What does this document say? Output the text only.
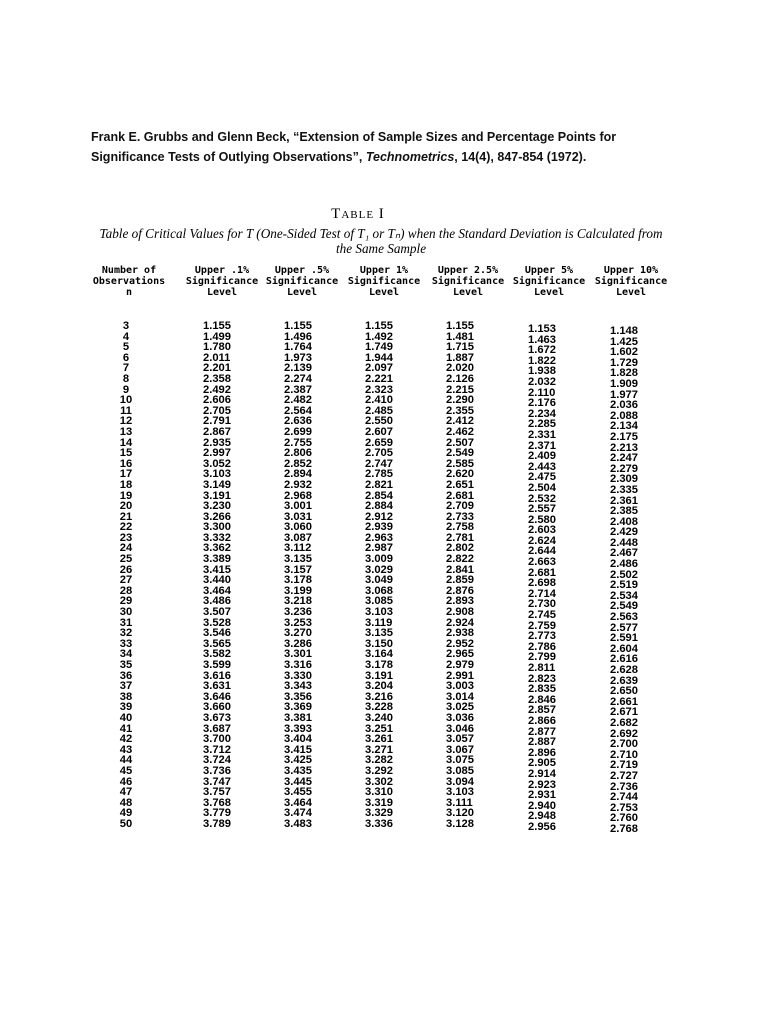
Frank E. Grubbs and Glenn Beck, “Extension of Sample Sizes and Percentage Points for Significance Tests of Outlying Observations”, Technometrics, 14(4), 847-854 (1972).
Table I
Table of Critical Values for T (One-Sided Test of T₁ or Tₙ) when the Standard Deviation is Calculated from the Same Sample
Number of
Observations
n
Upper .1%
Significance
Level
Upper .5%
Significance
Level
Upper 1%
Significance
Level
Upper 2.5%
Significance
Level
Upper 5%
Significance
Level
Upper 10%
Significance
Level
3
4
5
6
7
8
9
10
11
12
13
14
15
16
17
18
19
20
21
22
23
24
25
26
27
28
29
30
31
32
33
34
35
36
37
38
39
40
41
42
43
44
45
46
47
48
49
50
1.155
1.499
1.780
2.011
2.201
2.358
2.492
2.606
2.705
2.791
2.867
2.935
2.997
3.052
3.103
3.149
3.191
3.230
3.266
3.300
3.332
3.362
3.389
3.415
3.440
3.464
3.486
3.507
3.528
3.546
3.565
3.582
3.599
3.616
3.631
3.646
3.660
3.673
3.687
3.700
3.712
3.724
3.736
3.747
3.757
3.768
3.779
3.789
1.155
1.496
1.764
1.973
2.139
2.274
2.387
2.482
2.564
2.636
2.699
2.755
2.806
2.852
2.894
2.932
2.968
3.001
3.031
3.060
3.087
3.112
3.135
3.157
3.178
3.199
3.218
3.236
3.253
3.270
3.286
3.301
3.316
3.330
3.343
3.356
3.369
3.381
3.393
3.404
3.415
3.425
3.435
3.445
3.455
3.464
3.474
3.483
1.155
1.492
1.749
1.944
2.097
2.221
2.323
2.410
2.485
2.550
2.607
2.659
2.705
2.747
2.785
2.821
2.854
2.884
2.912
2.939
2.963
2.987
3.009
3.029
3.049
3.068
3.085
3.103
3.119
3.135
3.150
3.164
3.178
3.191
3.204
3.216
3.228
3.240
3.251
3.261
3.271
3.282
3.292
3.302
3.310
3.319
3.329
3.336
1.155
1.481
1.715
1.887
2.020
2.126
2.215
2.290
2.355
2.412
2.462
2.507
2.549
2.585
2.620
2.651
2.681
2.709
2.733
2.758
2.781
2.802
2.822
2.841
2.859
2.876
2.893
2.908
2.924
2.938
2.952
2.965
2.979
2.991
3.003
3.014
3.025
3.036
3.046
3.057
3.067
3.075
3.085
3.094
3.103
3.111
3.120
3.128
1.153
1.463
1.672
1.822
1.938
2.032
2.110
2.176
2.234
2.285
2.331
2.371
2.409
2.443
2.475
2.504
2.532
2.557
2.580
2.603
2.624
2.644
2.663
2.681
2.698
2.714
2.730
2.745
2.759
2.773
2.786
2.799
2.811
2.823
2.835
2.846
2.857
2.866
2.877
2.887
2.896
2.905
2.914
2.923
2.931
2.940
2.948
2.956
1.148
1.425
1.602
1.729
1.828
1.909
1.977
2.036
2.088
2.134
2.175
2.213
2.247
2.279
2.309
2.335
2.361
2.385
2.408
2.429
2.448
2.467
2.486
2.502
2.519
2.534
2.549
2.563
2.577
2.591
2.604
2.616
2.628
2.639
2.650
2.661
2.671
2.682
2.692
2.700
2.710
2.719
2.727
2.736
2.744
2.753
2.760
2.768
